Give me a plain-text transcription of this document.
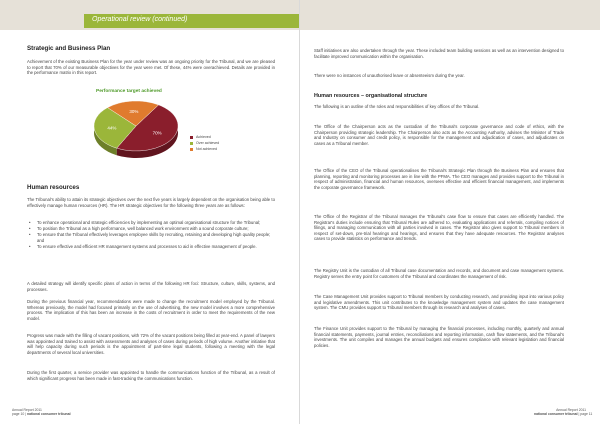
Operational review (continued)
Strategic and Business Plan
Achievement of the existing Business Plan for the year under review was an ongoing priority for the Tribunal, and we are pleased to report that 70% of our measurable objectives for the year were met. Of these, 44% were overachieved. Details are provided in the performance matrix in this report.
Performance target achieved
70%
44%
30%
Achieved
Over achieved
Not achieved
Human resources
The Tribunal's ability to attain its strategic objectives over the next five years is largely dependent on the organisation being able to effectively manage human resources (HR). The HR strategic objectives for the following three years are as follows:
• To enhance operational and strategic efficiencies by implementing an optimal organisational structure for the Tribunal;
• To position the Tribunal as a high performance, well balanced work environment with a sound corporate culture;
• To ensure that the Tribunal effectively leverages employee skills by recruiting, retaining and developing high quality people; and
• To ensure effective and efficient HR management systems and processes to aid in effective management of people.
A detailed strategy will identify specific plans of action in terms of the following HR foci: Structure, culture, skills, systems, and processes.
During the previous financial year, recommendations were made to change the recruitment model employed by the Tribunal. Whereas previously, the model had focused primarily on the use of advertising, the new model involves a more comprehensive process. The implication of this has been an increase in the costs of recruitment in order to meet the requirements of the new model.
Progress was made with the filling of vacant positions, with 72% of the vacant positions being filled at year-end. A panel of lawyers was appointed and trained to assist with assessments and analyses of cases during periods of high volume. Another initiative that will help capacity during such periods is the appointment of part-time legal students, following a meeting with the legal departments of several local universities.
During the first quarter, a service provider was appointed to handle the communications function of the Tribunal, as a result of which significant progress has been made in fast-tracking the communications function.
Annual Report 2011
page 10 | national consumer tribunal
Staff initiatives are also undertaken through the year. These included team building sessions as well as an intervention designed to facilitate improved communication within the organisation.
There were no instances of unauthorised leave or absenteeism during the year.
Human resources – organisational structure
The following is an outline of the roles and responsibilities of key offices of the Tribunal.
The Office of the Chairperson acts as the custodian of the Tribunal's corporate governance and code of ethics, with the Chairperson providing strategic leadership. The Chairperson also acts as the Accounting Authority, advises the Minister of Trade and Industry on consumer and credit policy, is responsible for the management and adjudication of cases, and adjudicates on cases as a Tribunal member.
The Office of the CEO of the Tribunal operationalises the Tribunal's Strategic Plan through the Business Plan and ensures that planning, reporting and monitoring processes are in line with the PFMA. The CEO manages and provides support to the Tribunal in respect of administration, financial and human resources, oversees effective and efficient financial management, and implements the corporate governance framework.
The Office of the Registrar of the Tribunal manages the Tribunal's case flow to ensure that cases are efficiently handled. The Registrar's duties include ensuring that Tribunal Rules are adhered to, evaluating applications and referrals, compiling notices of filings, and managing communication with all parties involved in cases. The Registrar also gives support to Tribunal members in respect of set-down, pre-trial hearings and hearings, and ensures that they have adequate resources. The Registrar analyses cases to provide statistics on performance and trends.
The Registry Unit is the custodian of all Tribunal case documentation and records, and document and case management systems. Registry serves the entry point for customers of the Tribunal and coordinates the management of risk.
The Case Management Unit provides support to Tribunal members by conducting research, and providing input into various policy and legislative amendments. This unit contributes to the knowledge management system and updates the case management system. The CMU provides support to Tribunal members through its research and analyses of cases.
The Finance Unit provides support to the Tribunal by managing the financial processes, including monthly, quarterly and annual financial statements, payments, journal entries, reconciliations and reporting information, cash flow statements, and the Tribunal's investments. The unit compiles and manages the annual budgets and ensures compliance with relevant legislation and financial policies.
Annual Report 2011
national consumer tribunal | page 11
